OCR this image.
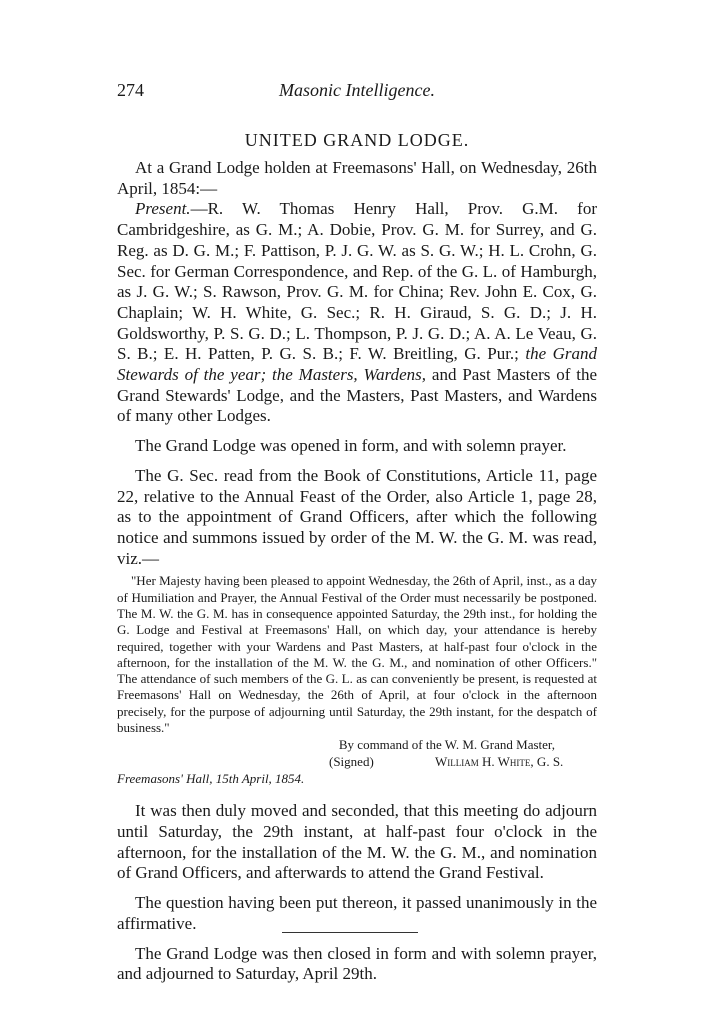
274	Masonic Intelligence.
UNITED GRAND LODGE.

At a Grand Lodge holden at Freemasons' Hall, on Wednesday, 26th April, 1854:—

Present.—R. W. Thomas Henry Hall, Prov. G.M. for Cambridgeshire, as G. M.; A. Dobie, Prov. G. M. for Surrey, and G. Reg. as D. G. M.; F. Pattison, P. J. G. W. as S. G. W.; H. L. Crohn, G. Sec. for German Correspondence, and Rep. of the G. L. of Hamburgh, as J. G. W.; S. Rawson, Prov. G. M. for China; Rev. John E. Cox, G. Chaplain; W. H. White, G. Sec.; R. H. Giraud, S. G. D.; J. H. Goldsworthy, P. S. G. D.; L. Thompson, P. J. G. D.; A. A. Le Veau, G. S. B.; E. H. Patten, P. G. S. B.; F. W. Breitling, G. Pur.; the Grand Stewards of the year; the Masters, Wardens, and Past Masters of the Grand Stewards' Lodge, and the Masters, Past Masters, and Wardens of many other Lodges.

The Grand Lodge was opened in form, and with solemn prayer.

The G. Sec. read from the Book of Constitutions, Article 11, page 22, relative to the Annual Feast of the Order, also Article 1, page 28, as to the appointment of Grand Officers, after which the following notice and summons issued by order of the M. W. the G. M. was read, viz.—

"Her Majesty having been pleased to appoint Wednesday, the 26th of April, inst., as a day of Humiliation and Prayer, the Annual Festival of the Order must necessarily be postponed. The M. W. the G. M. has in consequence appointed Saturday, the 29th inst., for holding the G. Lodge and Festival at Freemasons' Hall, on which day, your attendance is hereby required, together with your Wardens and Past Masters, at half-past four o'clock in the afternoon, for the installation of the M. W. the G. M., and nomination of other Officers." The attendance of such members of the G. L. as can conveniently be present, is requested at Freemasons' Hall on Wednesday, the 26th of April, at four o'clock in the afternoon precisely, for the purpose of adjourning until Saturday, the 29th instant, for the despatch of business."

By command of the W. M. Grand Master,

(Signed)	William H. White, G. S.

Freemasons' Hall, 15th April, 1854.

It was then duly moved and seconded, that this meeting do adjourn until Saturday, the 29th instant, at half-past four o'clock in the afternoon, for the installation of the M. W. the G. M., and nomination of Grand Officers, and afterwards to attend the Grand Festival.

The question having been put thereon, it passed unanimously in the affirmative.

The Grand Lodge was then closed in form and with solemn prayer, and adjourned to Saturday, April 29th.
